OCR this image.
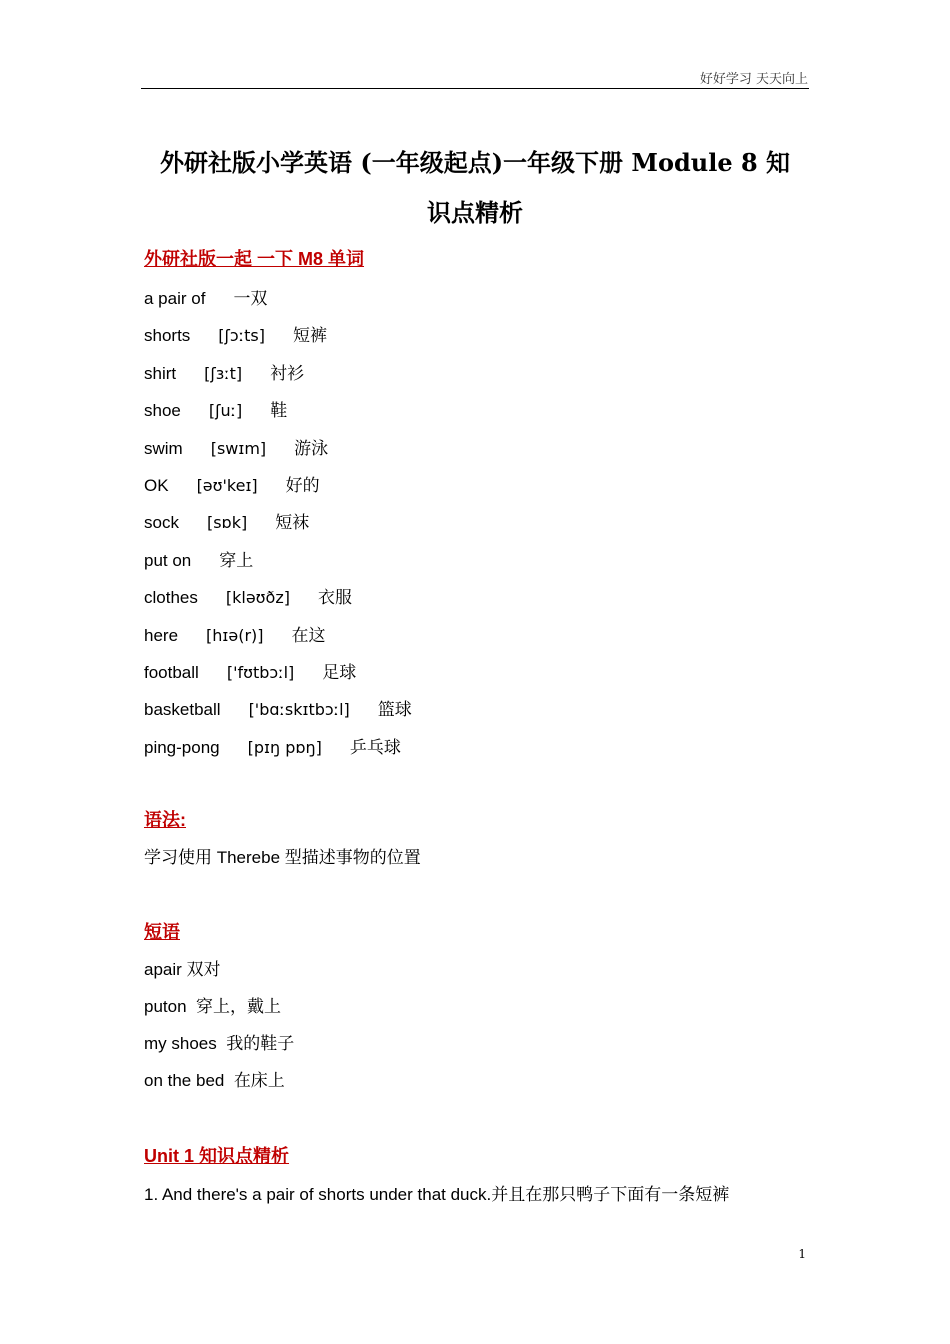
好好学习 天天向上
外研社版小学英语 (一年级起点)一年级下册 Module 8 知
识点精析
外研社版一起 一下 M8 单词
a pair of 一双
shorts [ʃɔːts] 短裤
shirt [ʃɜːt] 衬衫
shoe [ʃuː] 鞋
swim [swɪm] 游泳
OK [əʊ'keɪ] 好的
sock [sɒk] 短袜
put on 穿上
clothes [kləʊðz] 衣服
here [hɪə(r)] 在这
football ['fʊtbɔːl] 足球
basketball ['bɑːskɪtbɔːl] 篮球
ping-pong [pɪŋ pɒŋ] 乒乓球
语法:
学习使用 Therebe 型描述事物的位置
短语
apair 双对
puton  穿上，戴上
my shoes  我的鞋子
on the bed  在床上
Unit 1 知识点精析
1. And there's a pair of shorts under that duck.并且在那只鸭子下面有一条短裤
1
